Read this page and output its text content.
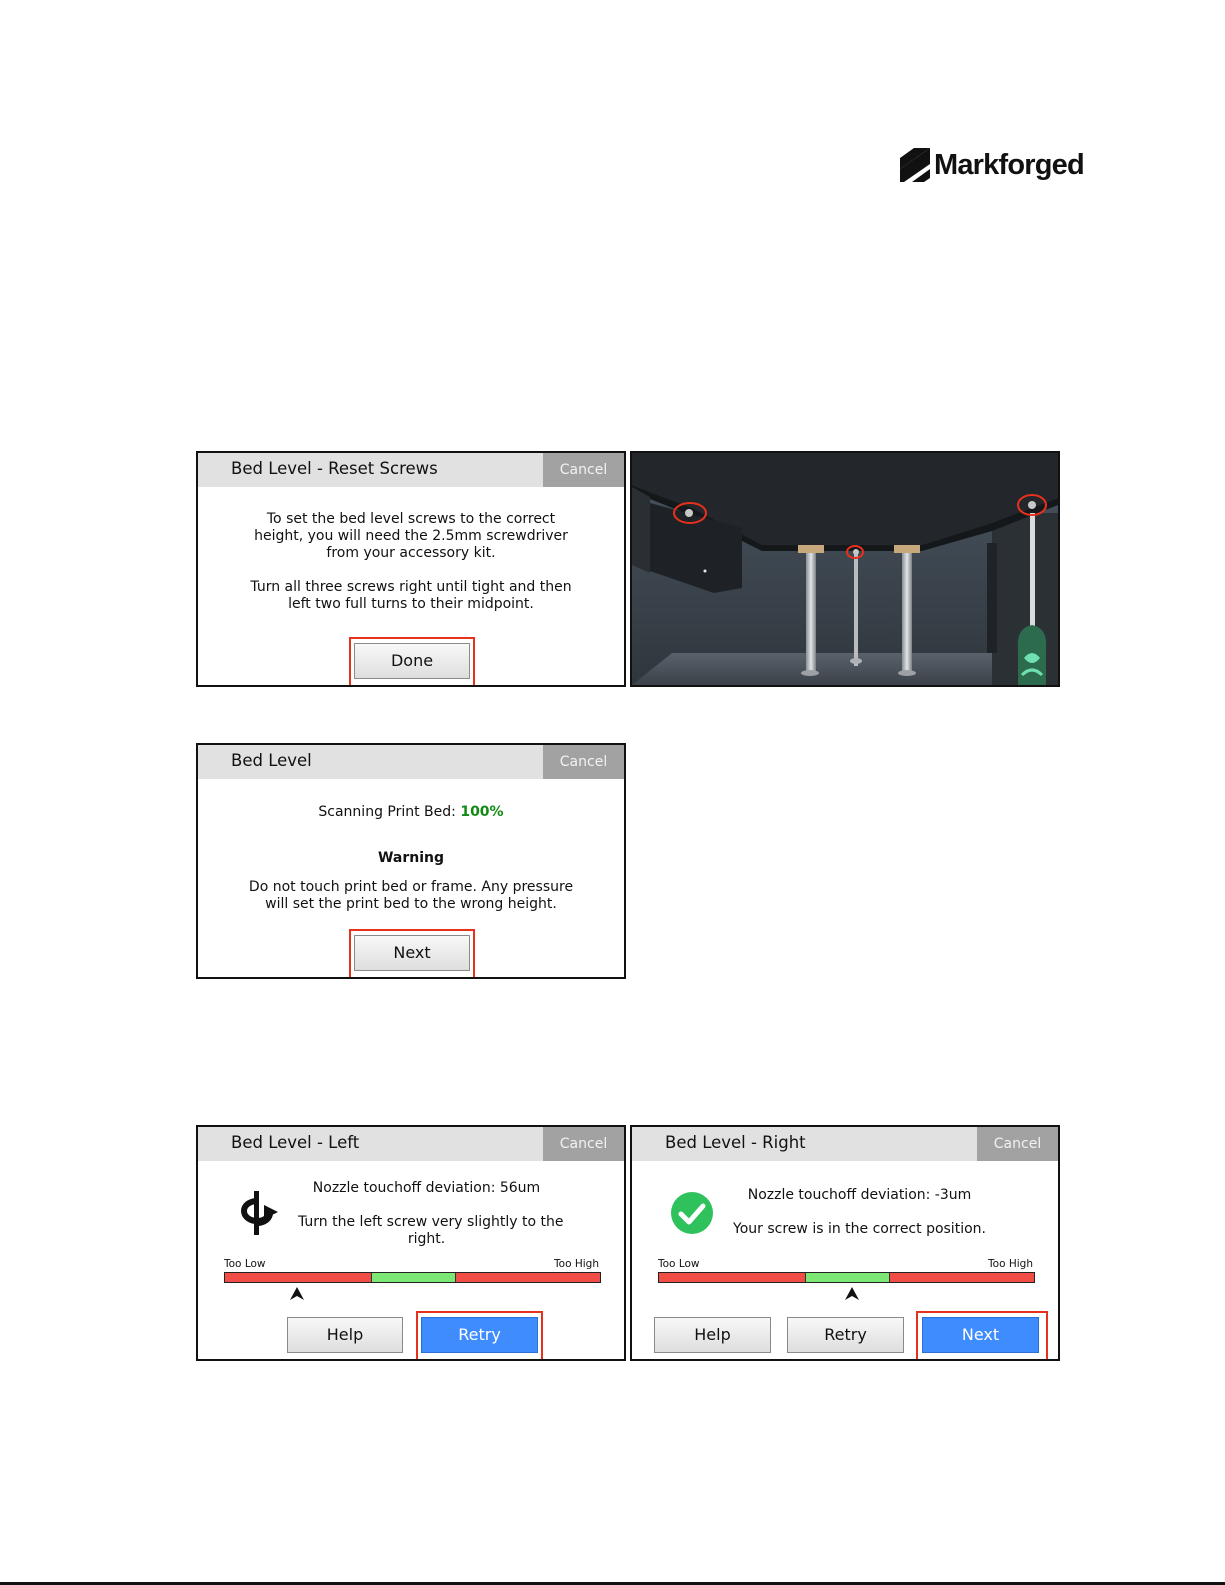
Markforged
Bed Level - Reset Screws	Cancel
To set the bed level screws to the correct
height, you will need the 2.5mm screwdriver
from your accessory kit.
Turn all three screws right until tight and then
left two full turns to their midpoint.
Done
Bed Level	Cancel
Scanning Print Bed: 100%
Warning
Do not touch print bed or frame. Any pressure
will set the print bed to the wrong height.
Next
Bed Level - Left	Cancel
Nozzle touchoff deviation: 56um
Turn the left screw very slightly to the
right.
Too Low	Too High
Help	Retry
Bed Level - Right	Cancel
Nozzle touchoff deviation: -3um
Your screw is in the correct position.
Too Low	Too High
Help	Retry	Next
